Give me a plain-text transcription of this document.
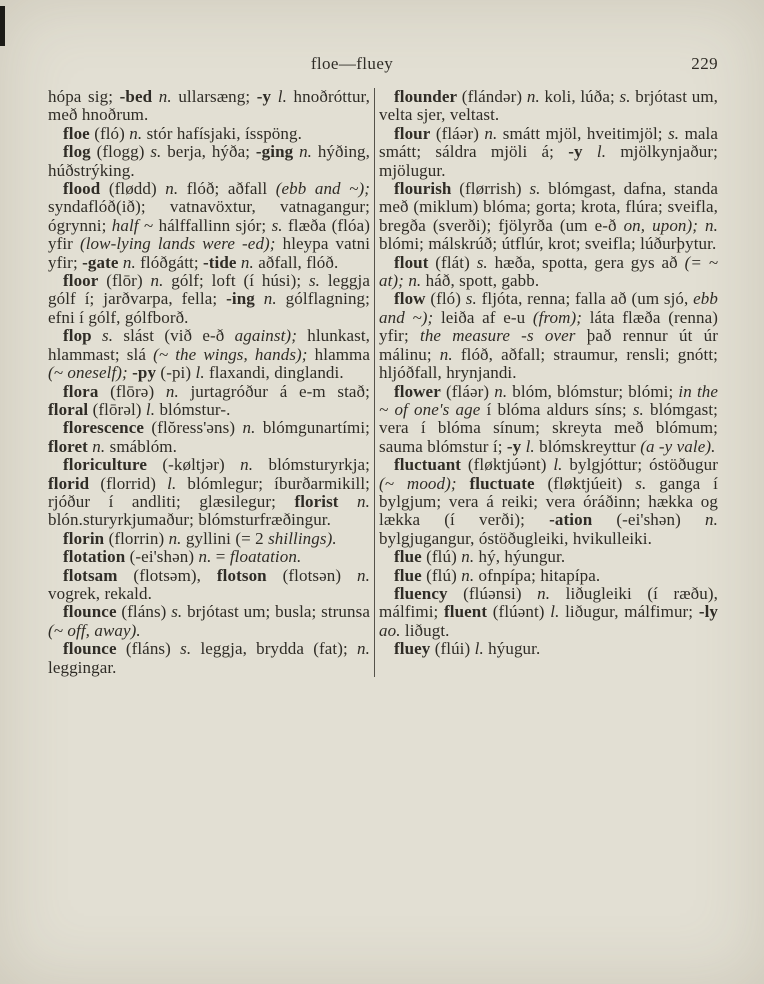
floe—fluey	229

hópa sig; -bed n. ullarsæng; -y l. hnoðróttur, með hnoðrum.

floe (fló) n. stór hafísjaki, ísspöng.

flog (flogg) s. berja, hýða; -ging n. hýðing, húðstrýking.

flood (flødd) n. flóð; aðfall (ebb and ~); syndaflóð(ið); vatnavöxtur, vatnagangur; ógrynni; half ~ hálffallinn sjór; s. flæða (flóa) yfir (low-lying lands were -ed); hleypa vatni yfir; -gate n. flóðgátt; -tide n. aðfall, flóð.

floor (flōr) n. gólf; loft (í húsi); s. leggja gólf í; jarðvarpa, fella; -ing n. gólflagning; efni í gólf, gólfborð.

flop s. slást (við e-ð against); hlunkast, hlammast; slá (~ the wings, hands); hlamma (~ oneself); -py (-pi) l. flaxandi, dinglandi.

flora (flōrə) n. jurtagróður á e-m stað; floral (flōrəl) l. blómstur-.

florescence (flŏress'əns) n. blómgunartími; floret n. smáblóm.

floriculture (-køltjər) n. blómsturyrkja; florid (florrid) l. blómlegur; íburðarmikill; rjóður í andliti; glæsilegur; florist n. blón.sturyrkjumaður; blómsturfræðingur.

florin (florrin) n. gyllini (= 2 shillings).

flotation (-ei'shən) n. = floatation.

flotsam (flotsəm), flotson (flotsən) n. vogrek, rekald.

flounce (fláns) s. brjótast um; busla; strunsa (~ off, away).

flounce (fláns) s. leggja, brydda (fat); n. leggingar.

flounder (flándər) n. koli, lúða; s. brjótast um, velta sjer, veltast.

flour (fláər) n. smátt mjöl, hveitimjöl; s. mala smátt; sáldra mjöli á; -y l. mjölkynjaður; mjölugur.

flourish (flørrish) s. blómgast, dafna, standa með (miklum) blóma; gorta; krota, flúra; sveifla, bregða (sverði); fjölyrða (um e-ð on, upon); n. blómi; málskrúð; útflúr, krot; sveifla; lúðurþytur.

flout (flát) s. hæða, spotta, gera gys að (= ~ at); n. háð, spott, gabb.

flow (fló) s. fljóta, renna; falla að (um sjó, ebb and ~); leiða af e-u (from); láta flæða (renna) yfir; the measure -s over það rennur út úr málinu; n. flóð, aðfall; straumur, rensli; gnótt; hljóðfall, hrynjandi.

flower (fláər) n. blóm, blómstur; blómi; in the ~ of one's age í blóma aldurs síns; s. blómgast; vera í blóma sínum; skreyta með blómum; sauma blómstur í; -y l. blómskreyttur (a -y vale).

fluctuant (fløktjúənt) l. bylgjóttur; óstöðugur (~ mood); fluctuate (fløktjúeit) s. ganga í bylgjum; vera á reiki; vera óráðinn; hækka og lækka (í verði); -ation (-ei'shən) n. bylgjugangur, óstöðugleiki, hvikulleiki.

flue (flú) n. hý, hýungur.

flue (flú) n. ofnpípa; hitapípa.

fluency (flúənsi) n. liðugleiki (í ræðu), málfimi; fluent (flúənt) l. liðugur, málfimur; -ly ao. liðugt.

fluey (flúi) l. hýugur.
